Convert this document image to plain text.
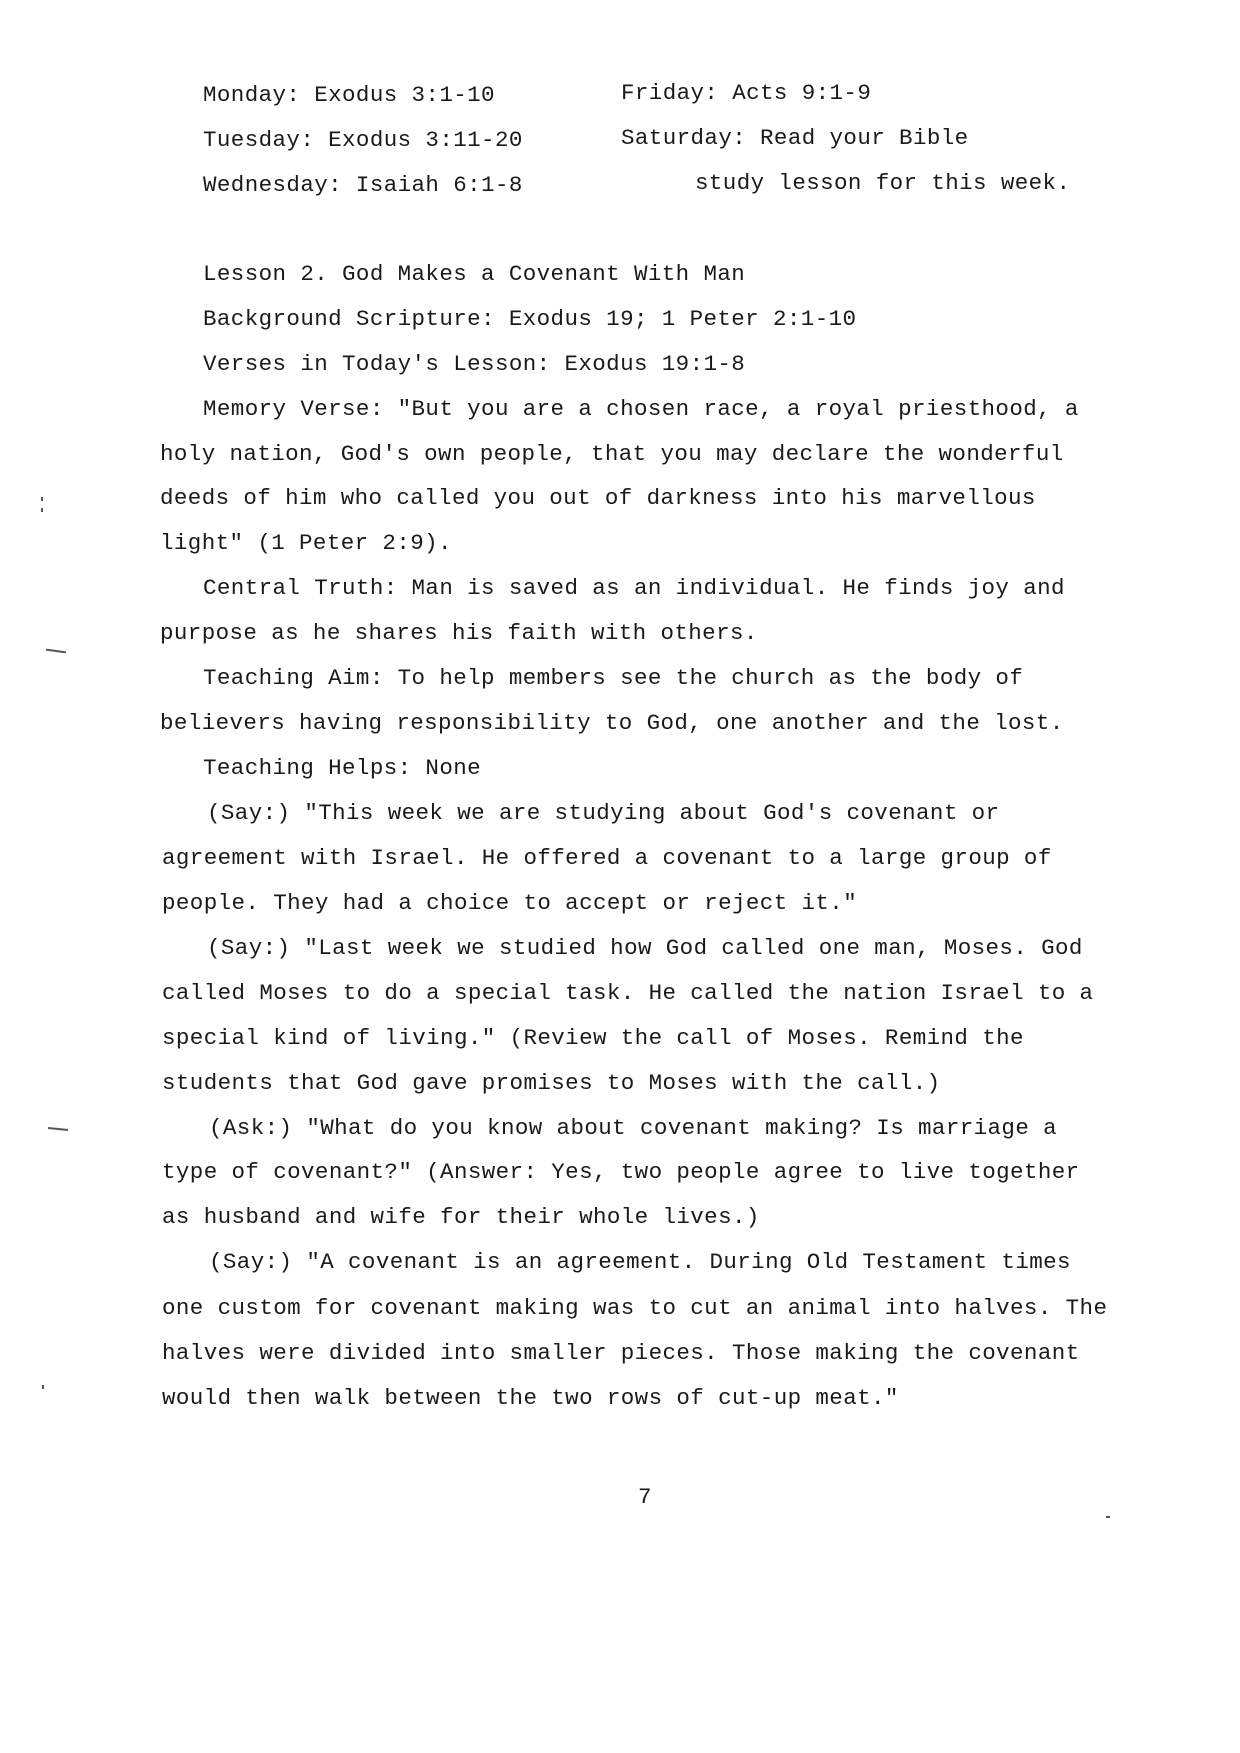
Monday: Exodus 3:1-10
Tuesday: Exodus 3:11-20
Wednesday: Isaiah 6:1-8
Friday: Acts 9:1-9
Saturday: Read your Bible
study lesson for this week.
Lesson 2. God Makes a Covenant With Man
Background Scripture: Exodus 19; 1 Peter 2:1-10
Verses in Today's Lesson: Exodus 19:1-8
Memory Verse: "But you are a chosen race, a royal priesthood, a
holy nation, God's own people, that you may declare the wonderful
deeds of him who called you out of darkness into his marvellous
light" (1 Peter 2:9).
Central Truth: Man is saved as an individual. He finds joy and
purpose as he shares his faith with others.
Teaching Aim: To help members see the church as the body of
believers having responsibility to God, one another and the lost.
Teaching Helps: None
(Say:) "This week we are studying about God's covenant or
agreement with Israel. He offered a covenant to a large group of
people. They had a choice to accept or reject it."
(Say:) "Last week we studied how God called one man, Moses. God
called Moses to do a special task. He called the nation Israel to a
special kind of living." (Review the call of Moses. Remind the
students that God gave promises to Moses with the call.)
(Ask:) "What do you know about covenant making? Is marriage a
type of covenant?" (Answer: Yes, two people agree to live together
as husband and wife for their whole lives.)
(Say:) "A covenant is an agreement. During Old Testament times
one custom for covenant making was to cut an animal into halves. The
halves were divided into smaller pieces. Those making the covenant
would then walk between the two rows of cut-up meat."
7
